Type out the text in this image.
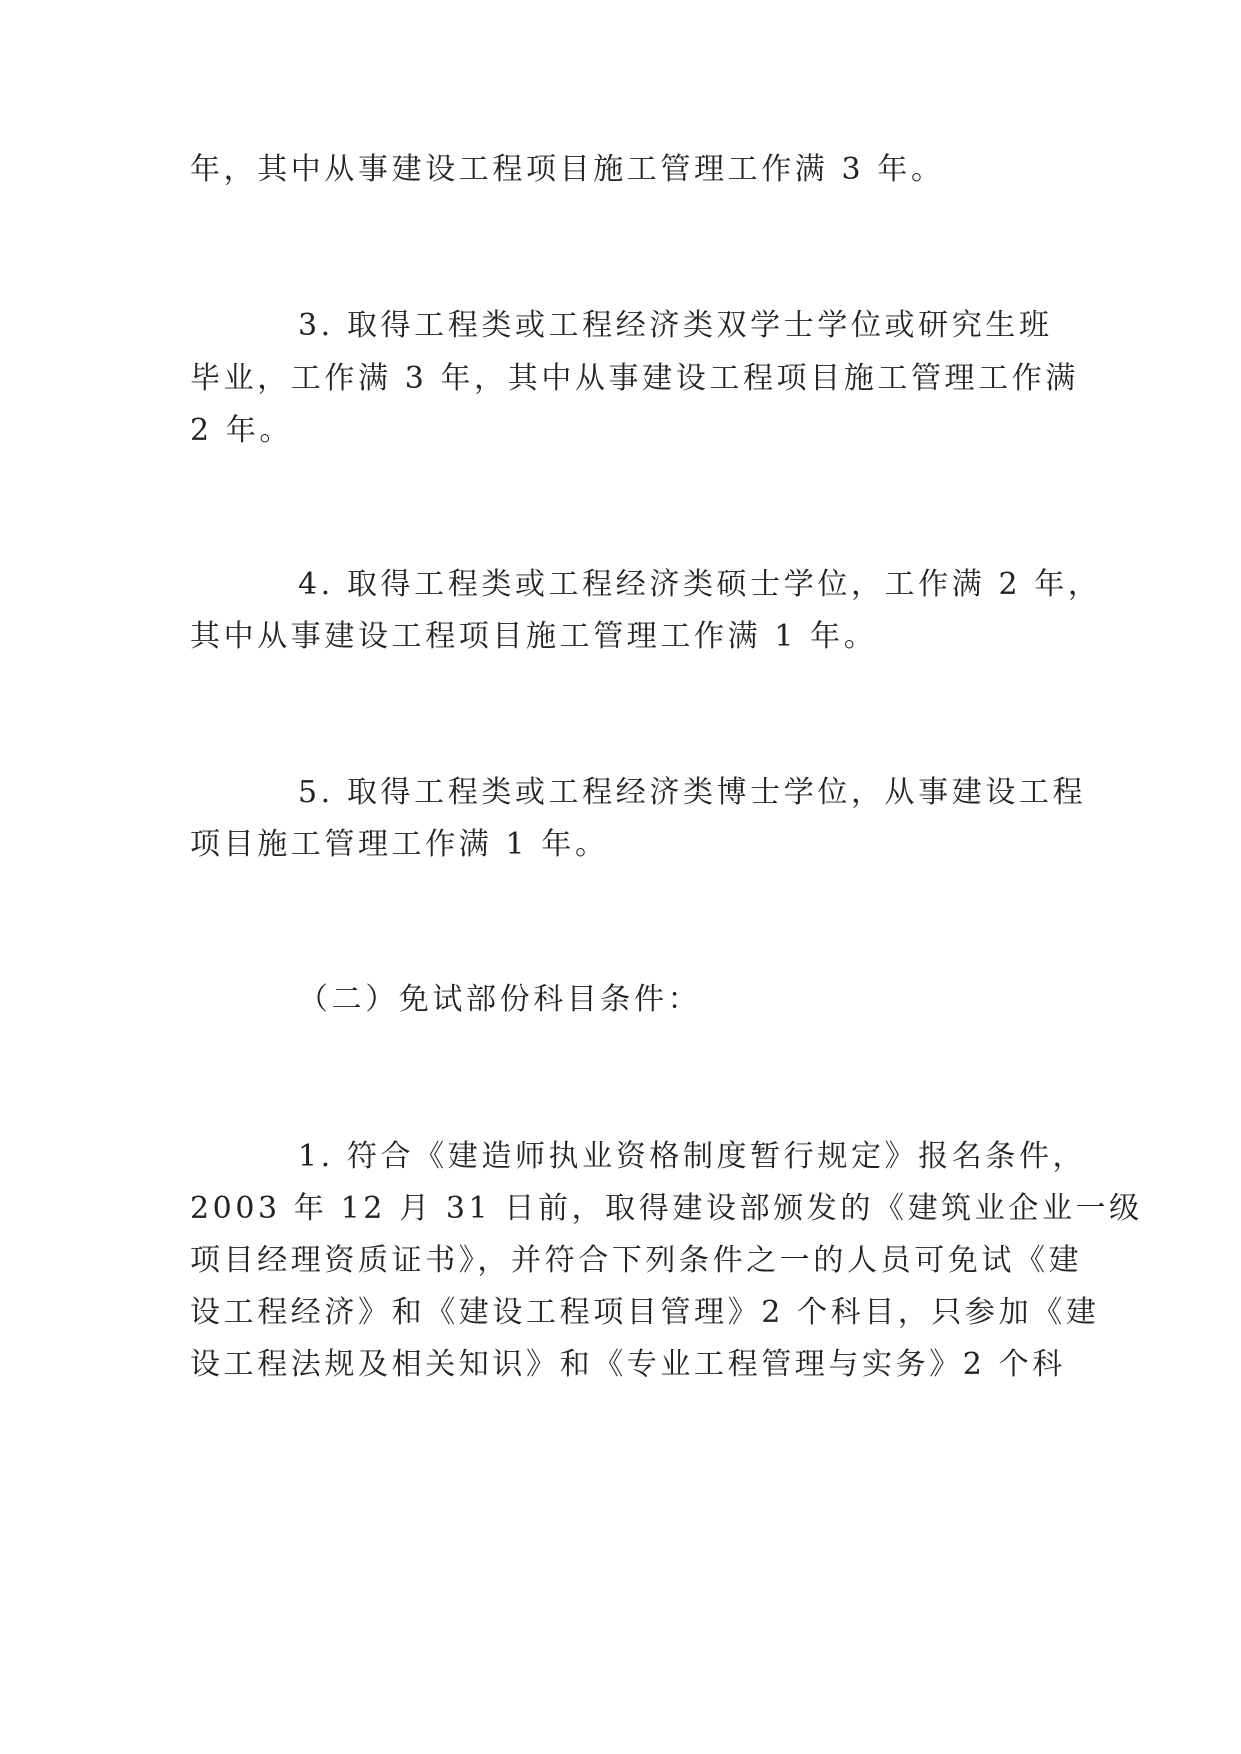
年，其中从事建设工程项目施工管理工作满 3 年。
3. 取得工程类或工程经济类双学士学位或研究生班
毕业，工作满 3 年，其中从事建设工程项目施工管理工作满
2 年。
4. 取得工程类或工程经济类硕士学位，工作满 2 年，
其中从事建设工程项目施工管理工作满 1 年。
5. 取得工程类或工程经济类博士学位，从事建设工程
项目施工管理工作满 1 年。
（二）免试部份科目条件：
1. 符合《建造师执业资格制度暂行规定》报名条件，
2003 年 12 月 31 日前，取得建设部颁发的《建筑业企业一级
项目经理资质证书》，并符合下列条件之一的人员可免试《建
设工程经济》和《建设工程项目管理》2 个科目，只参加《建
设工程法规及相关知识》和《专业工程管理与实务》2 个科
